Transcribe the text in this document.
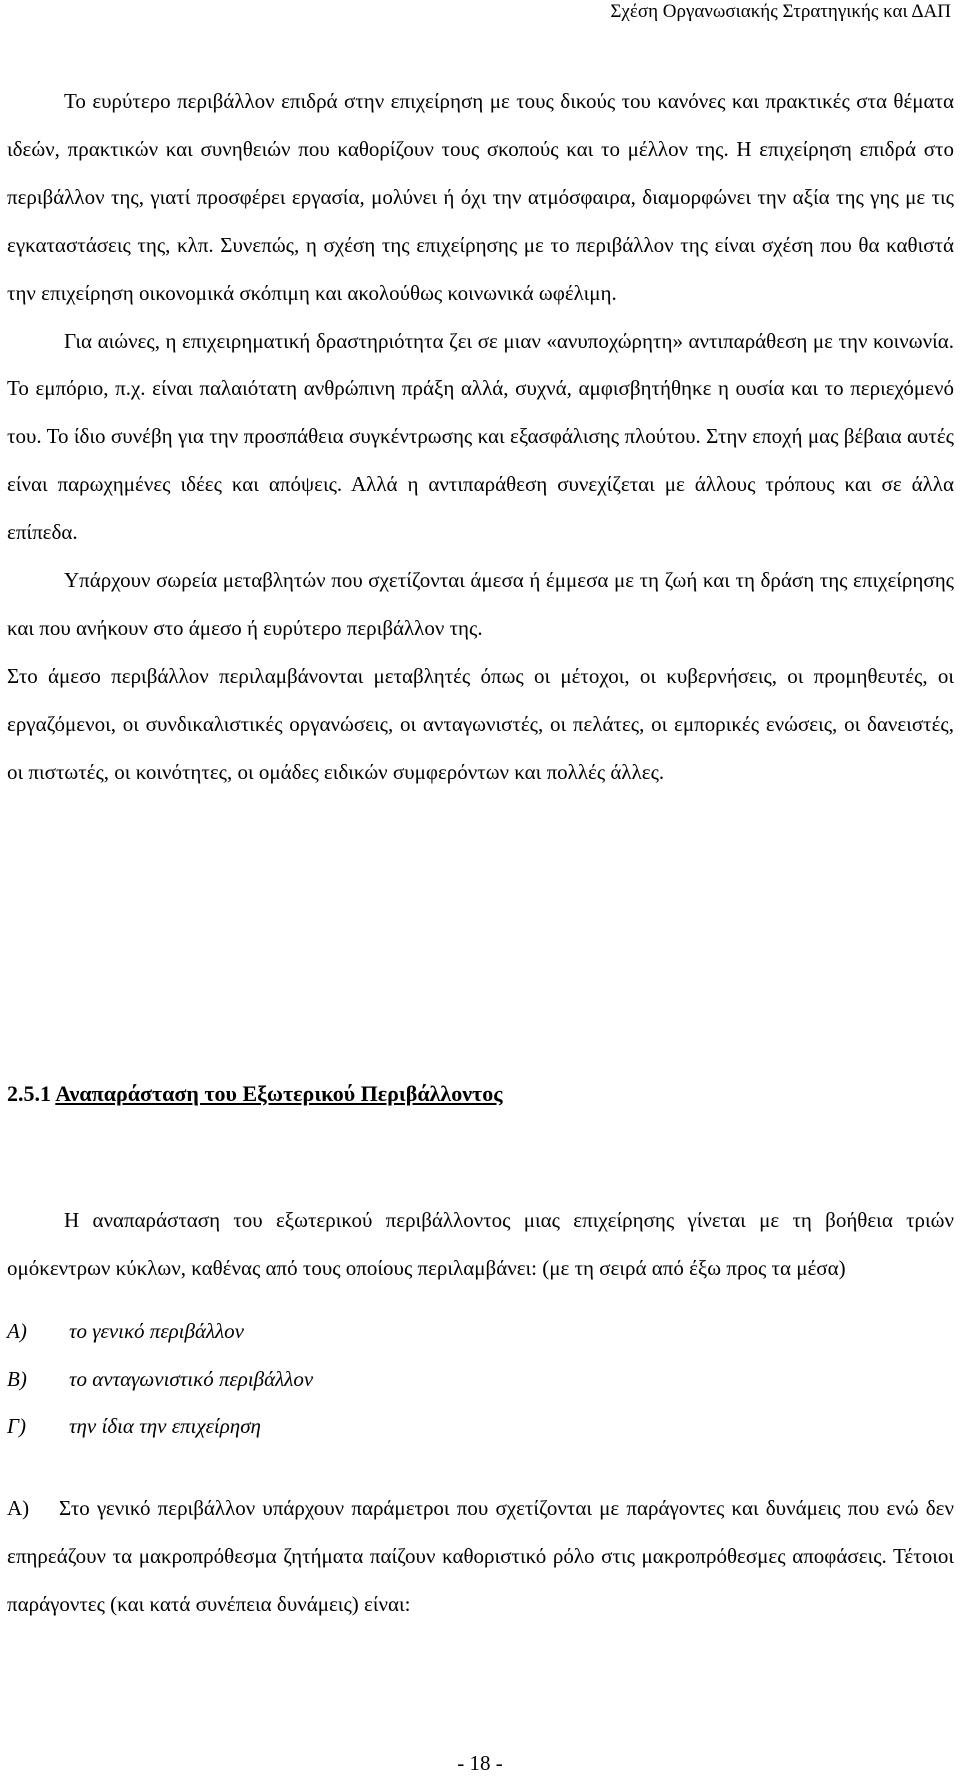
Σχέση Οργανωσιακής Στρατηγικής και ΔΑΠ

Το ευρύτερο περιβάλλον επιδρά στην επιχείρηση με τους δικούς του κανόνες και πρακτικές στα θέματα ιδεών, πρακτικών και συνηθειών που καθορίζουν τους σκοπούς και το μέλλον της. Η επιχείρηση επιδρά στο περιβάλλον της, γιατί προσφέρει εργασία, μολύνει ή όχι την ατμόσφαιρα, διαμορφώνει την αξία της γης με τις εγκαταστάσεις της, κλπ. Συνεπώς, η σχέση της επιχείρησης με το περιβάλλον της είναι σχέση που θα καθιστά την επιχείρηση οικονομικά σκόπιμη και ακολούθως κοινωνικά ωφέλιμη.

Για αιώνες, η επιχειρηματική δραστηριότητα ζει σε μιαν «ανυποχώρητη» αντιπαράθεση με την κοινωνία. Το εμπόριο, π.χ. είναι παλαιότατη ανθρώπινη πράξη αλλά, συχνά, αμφισβητήθηκε η ουσία και το περιεχόμενό του. Το ίδιο συνέβη για την προσπάθεια συγκέντρωσης και εξασφάλισης πλούτου. Στην εποχή μας βέβαια αυτές είναι παρωχημένες ιδέες και απόψεις. Αλλά η αντιπαράθεση συνεχίζεται με άλλους τρόπους και σε άλλα επίπεδα.

Υπάρχουν σωρεία μεταβλητών που σχετίζονται άμεσα ή έμμεσα με τη ζωή και τη δράση της επιχείρησης και που ανήκουν στο άμεσο ή ευρύτερο περιβάλλον της.

Στο άμεσο περιβάλλον περιλαμβάνονται μεταβλητές όπως οι μέτοχοι, οι κυβερνήσεις, οι προμηθευτές, οι εργαζόμενοι, οι συνδικαλιστικές οργανώσεις, οι ανταγωνιστές, οι πελάτες, οι εμπορικές ενώσεις, οι δανειστές, οι πιστωτές, οι κοινότητες, οι ομάδες ειδικών συμφερόντων και πολλές άλλες.

2.5.1 Αναπαράσταση του Εξωτερικού Περιβάλλοντος

Η αναπαράσταση του εξωτερικού περιβάλλοντος μιας επιχείρησης γίνεται με τη βοήθεια τριών ομόκεντρων κύκλων, καθένας από τους οποίους περιλαμβάνει: (με τη σειρά από έξω προς τα μέσα)

Α)	το γενικό περιβάλλον
Β)	το ανταγωνιστικό περιβάλλον
Γ)	την ίδια την επιχείρηση

Α) Στο γενικό περιβάλλον υπάρχουν παράμετροι που σχετίζονται με παράγοντες και δυνάμεις που ενώ δεν επηρεάζουν τα μακροπρόθεσμα ζητήματα παίζουν καθοριστικό ρόλο στις μακροπρόθεσμες αποφάσεις. Τέτοιοι παράγοντες (και κατά συνέπεια δυνάμεις) είναι:

- 18 -
